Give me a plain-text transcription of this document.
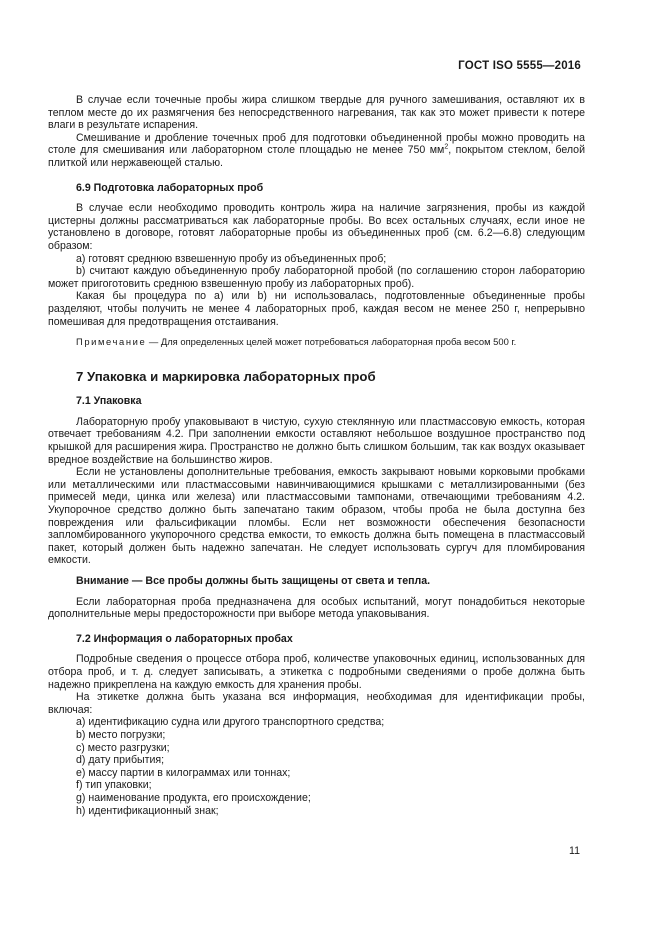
ГОСТ ISO 5555—2016

В случае если точечные пробы жира слишком твердые для ручного замешивания, оставляют их в теплом месте до их размягчения без непосредственного нагревания, так как это может привести к потере влаги в результате испарения.

Смешивание и дробление точечных проб для подготовки объединенной пробы можно проводить на столе для смешивания или лабораторном столе площадью не менее 750 $мм^2$, покрытом стеклом, белой плиткой или нержавеющей сталью.

6.9 Подготовка лабораторных проб

В случае если необходимо проводить контроль жира на наличие загрязнения, пробы из каждой цистерны должны рассматриваться как лабораторные пробы. Во всех остальных случаях, если иное не установлено в договоре, готовят лабораторные пробы из объединенных проб (см. 6.2—6.8) следующим образом:

a) готовят среднюю взвешенную пробу из объединенных проб;

b) считают каждую объединенную пробу лабораторной пробой (по соглашению сторон лабораторию может пригоготовить среднюю взвешенную пробу из лабораторных проб).

Какая бы процедура по a) или b) ни использовалась, подготовленные объединенные пробы разделяют, чтобы получить не менее 4 лабораторных проб, каждая весом не менее 250 г, непрерывно помешивая для предотвращения отстаивания.

Примечание — Для определенных целей может потребоваться лабораторная проба весом 500 г.

7 Упаковка и маркировка лабораторных проб

7.1 Упаковка

Лабораторную пробу упаковывают в чистую, сухую стеклянную или пластмассовую емкость, которая отвечает требованиям 4.2. При заполнении емкости оставляют небольшое воздушное пространство под крышкой для расширения жира. Пространство не должно быть слишком большим, так как воздух оказывает вредное воздействие на большинство жиров.

Если не установлены дополнительные требования, емкость закрывают новыми корковыми пробками или металлическими или пластмассовыми навинчивающимися крышками с металлизированными (без примесей меди, цинка или железа) или пластмассовыми тампонами, отвечающими требованиям 4.2. Укупорочное средство должно быть запечатано таким образом, чтобы проба не была доступна без повреждения или фальсификации пломбы. Если нет возможности обеспечения безопасности запломбированного укупорочного средства емкости, то емкость должна быть помещена в пластмассовый пакет, который должен быть надежно запечатан. Не следует использовать сургуч для пломбирования емкости.

Внимание — Все пробы должны быть защищены от света и тепла.

Если лабораторная проба предназначена для особых испытаний, могут понадобиться некоторые дополнительные меры предосторожности при выборе метода упаковывания.

7.2 Информация о лабораторных пробах

Подробные сведения о процессе отбора проб, количестве упаковочных единиц, использованных для отбора проб, и т. д. следует записывать, а этикетка с подробными сведениями о пробе должна быть надежно прикреплена на каждую емкость для хранения пробы.

На этикетке должна быть указана вся информация, необходимая для идентификации пробы, включая:

a) идентификацию судна или другого транспортного средства;

b) место погрузки;

c) место разгрузки;

d) дату прибытия;

e) массу партии в килограммах или тоннах;

f) тип упаковки;

g) наименование продукта, его происхождение;

h) идентификационный знак;

11
